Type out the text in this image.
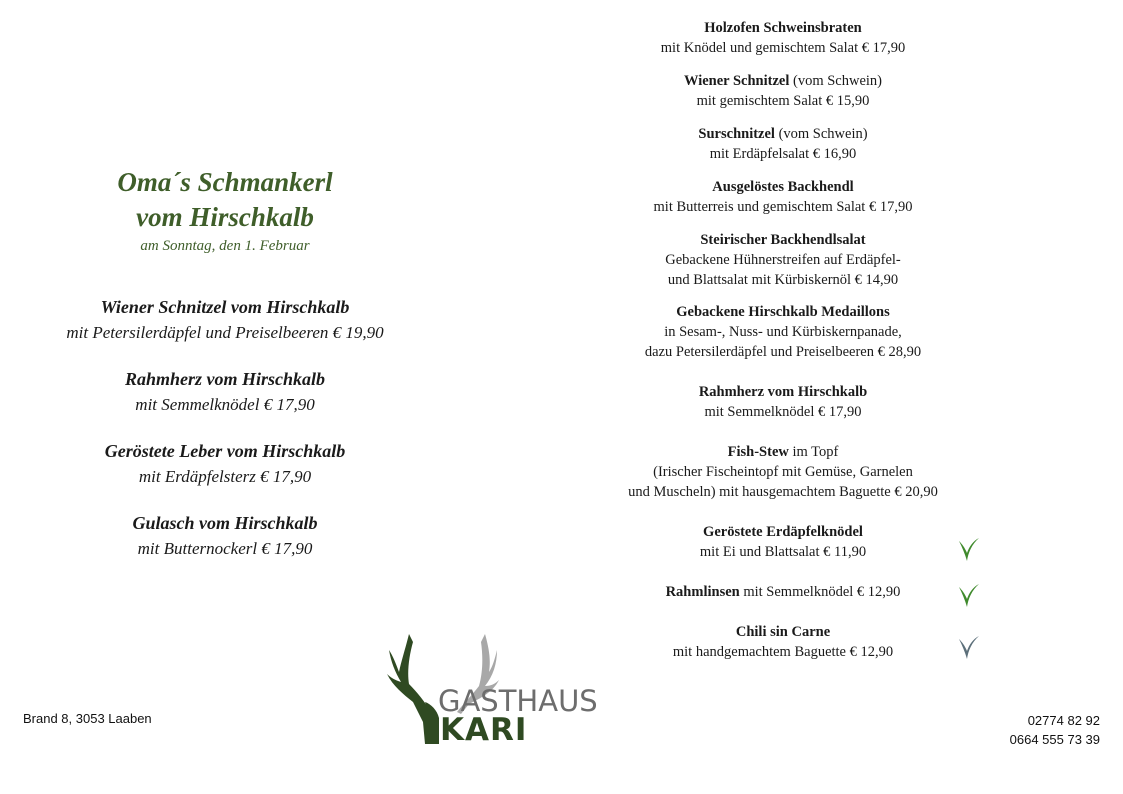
Oma´s Schmankerl
vom Hirschkalb
am Sonntag, den 1. Februar
Wiener Schnitzel vom Hirschkalb
mit Petersilerdäpfel und Preiselbeeren € 19,90
Rahmherz vom Hirschkalb
mit Semmelknödel € 17,90
Geröstete Leber vom Hirschkalb
mit Erdäpfelsterz € 17,90
Gulasch vom Hirschkalb
mit Butternockerl € 17,90
Holzofen Schweinsbraten
mit Knödel und gemischtem Salat € 17,90
Wiener Schnitzel (vom Schwein)
mit gemischtem Salat € 15,90
Surschnitzel (vom Schwein)
mit Erdäpfelsalat € 16,90
Ausgelöstes Backhendl
mit Butterreis und gemischtem Salat € 17,90
Steirischer Backhendlsalat
Gebackene Hühnerstreifen auf Erdäpfel-
und Blattsalat mit Kürbiskernöl € 14,90
Gebackene Hirschkalb Medaillons
in Sesam-, Nuss- und Kürbiskernpanade,
dazu Petersilerdäpfel und Preiselbeeren € 28,90
Rahmherz vom Hirschkalb
mit Semmelknödel € 17,90
Fish-Stew im Topf
(Irischer Fischeintopf mit Gemüse, Garnelen
und Muscheln) mit hausgemachtem Baguette € 20,90
Geröstete Erdäpfelknödel
mit Ei und Blattsalat € 11,90
Rahmlinsen mit Semmelknödel € 12,90
Chili sin Carne
mit handgemachtem Baguette € 12,90
GASTHAUS
KARI
Brand 8, 3053 Laaben	02774 82 92
0664 555 73 39
